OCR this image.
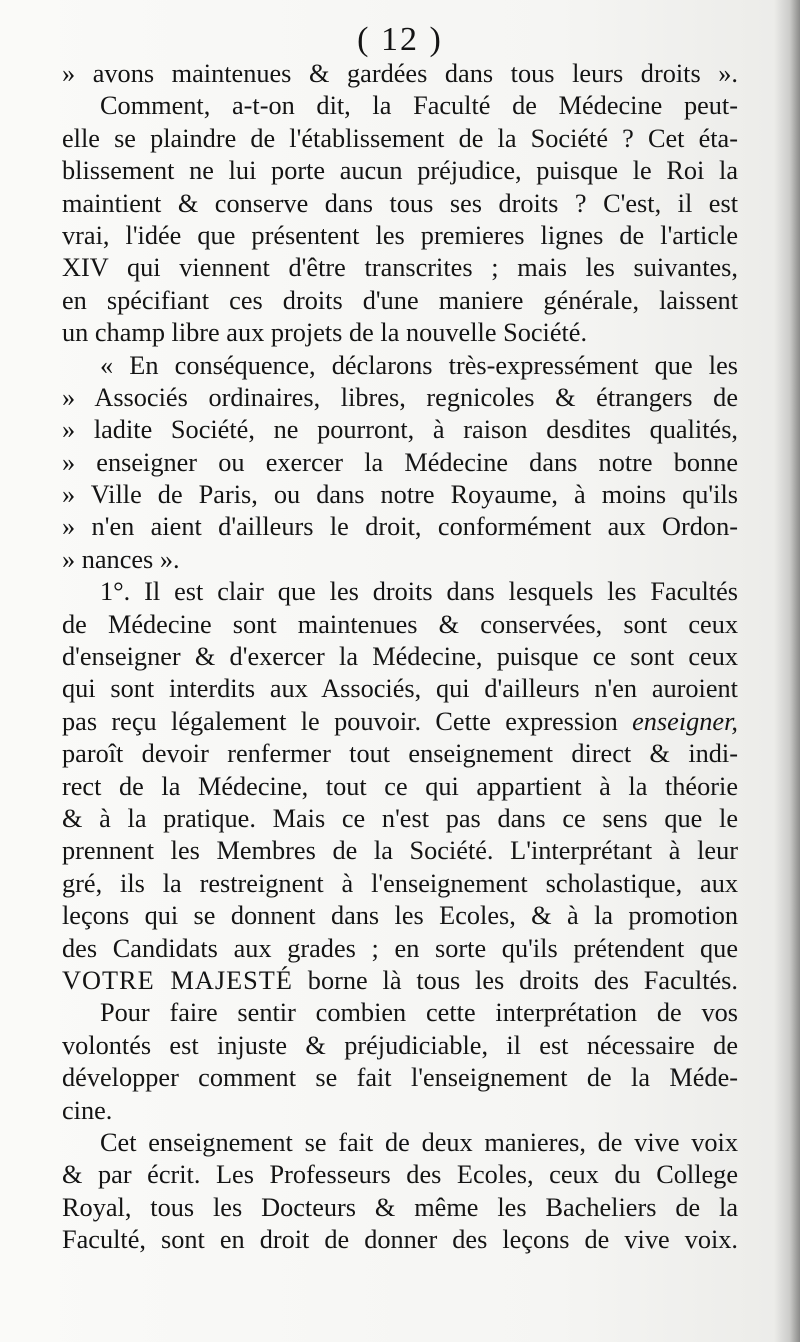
( 12 )
» avons maintenues & gardées dans tous leurs droits ».
Comment, a-t-on dit, la Faculté de Médecine peut-
elle se plaindre de l'établissement de la Société ? Cet éta-
blissement ne lui porte aucun préjudice, puisque le Roi la
maintient & conserve dans tous ses droits ? C'est, il est
vrai, l'idée que présentent les premieres lignes de l'article
XIV qui viennent d'être transcrites ; mais les suivantes,
en spécifiant ces droits d'une maniere générale, laissent
un champ libre aux projets de la nouvelle Société.
« En conséquence, déclarons très-expressément que les
» Associés ordinaires, libres, regnicoles & étrangers de
» ladite Société, ne pourront, à raison desdites qualités,
» enseigner ou exercer la Médecine dans notre bonne
» Ville de Paris, ou dans notre Royaume, à moins qu'ils
» n'en aient d'ailleurs le droit, conformément aux Ordon-
» nances ».
1°. Il est clair que les droits dans lesquels les Facultés
de Médecine sont maintenues & conservées, sont ceux
d'enseigner & d'exercer la Médecine, puisque ce sont ceux
qui sont interdits aux Associés, qui d'ailleurs n'en auroient
pas reçu légalement le pouvoir. Cette expression enseigner,
paroît devoir renfermer tout enseignement direct & indi-
rect de la Médecine, tout ce qui appartient à la théorie
& à la pratique. Mais ce n'est pas dans ce sens que le
prennent les Membres de la Société. L'interprétant à leur
gré, ils la restreignent à l'enseignement scholastique, aux
leçons qui se donnent dans les Ecoles, & à la promotion
des Candidats aux grades ; en sorte qu'ils prétendent que
VOTRE MAJESTÉ borne là tous les droits des Facultés.
Pour faire sentir combien cette interprétation de vos
volontés est injuste & préjudiciable, il est nécessaire de
développer comment se fait l'enseignement de la Méde-
cine.
Cet enseignement se fait de deux manieres, de vive voix
& par écrit. Les Professeurs des Ecoles, ceux du College
Royal, tous les Docteurs & même les Bacheliers de la
Faculté, sont en droit de donner des leçons de vive voix.
